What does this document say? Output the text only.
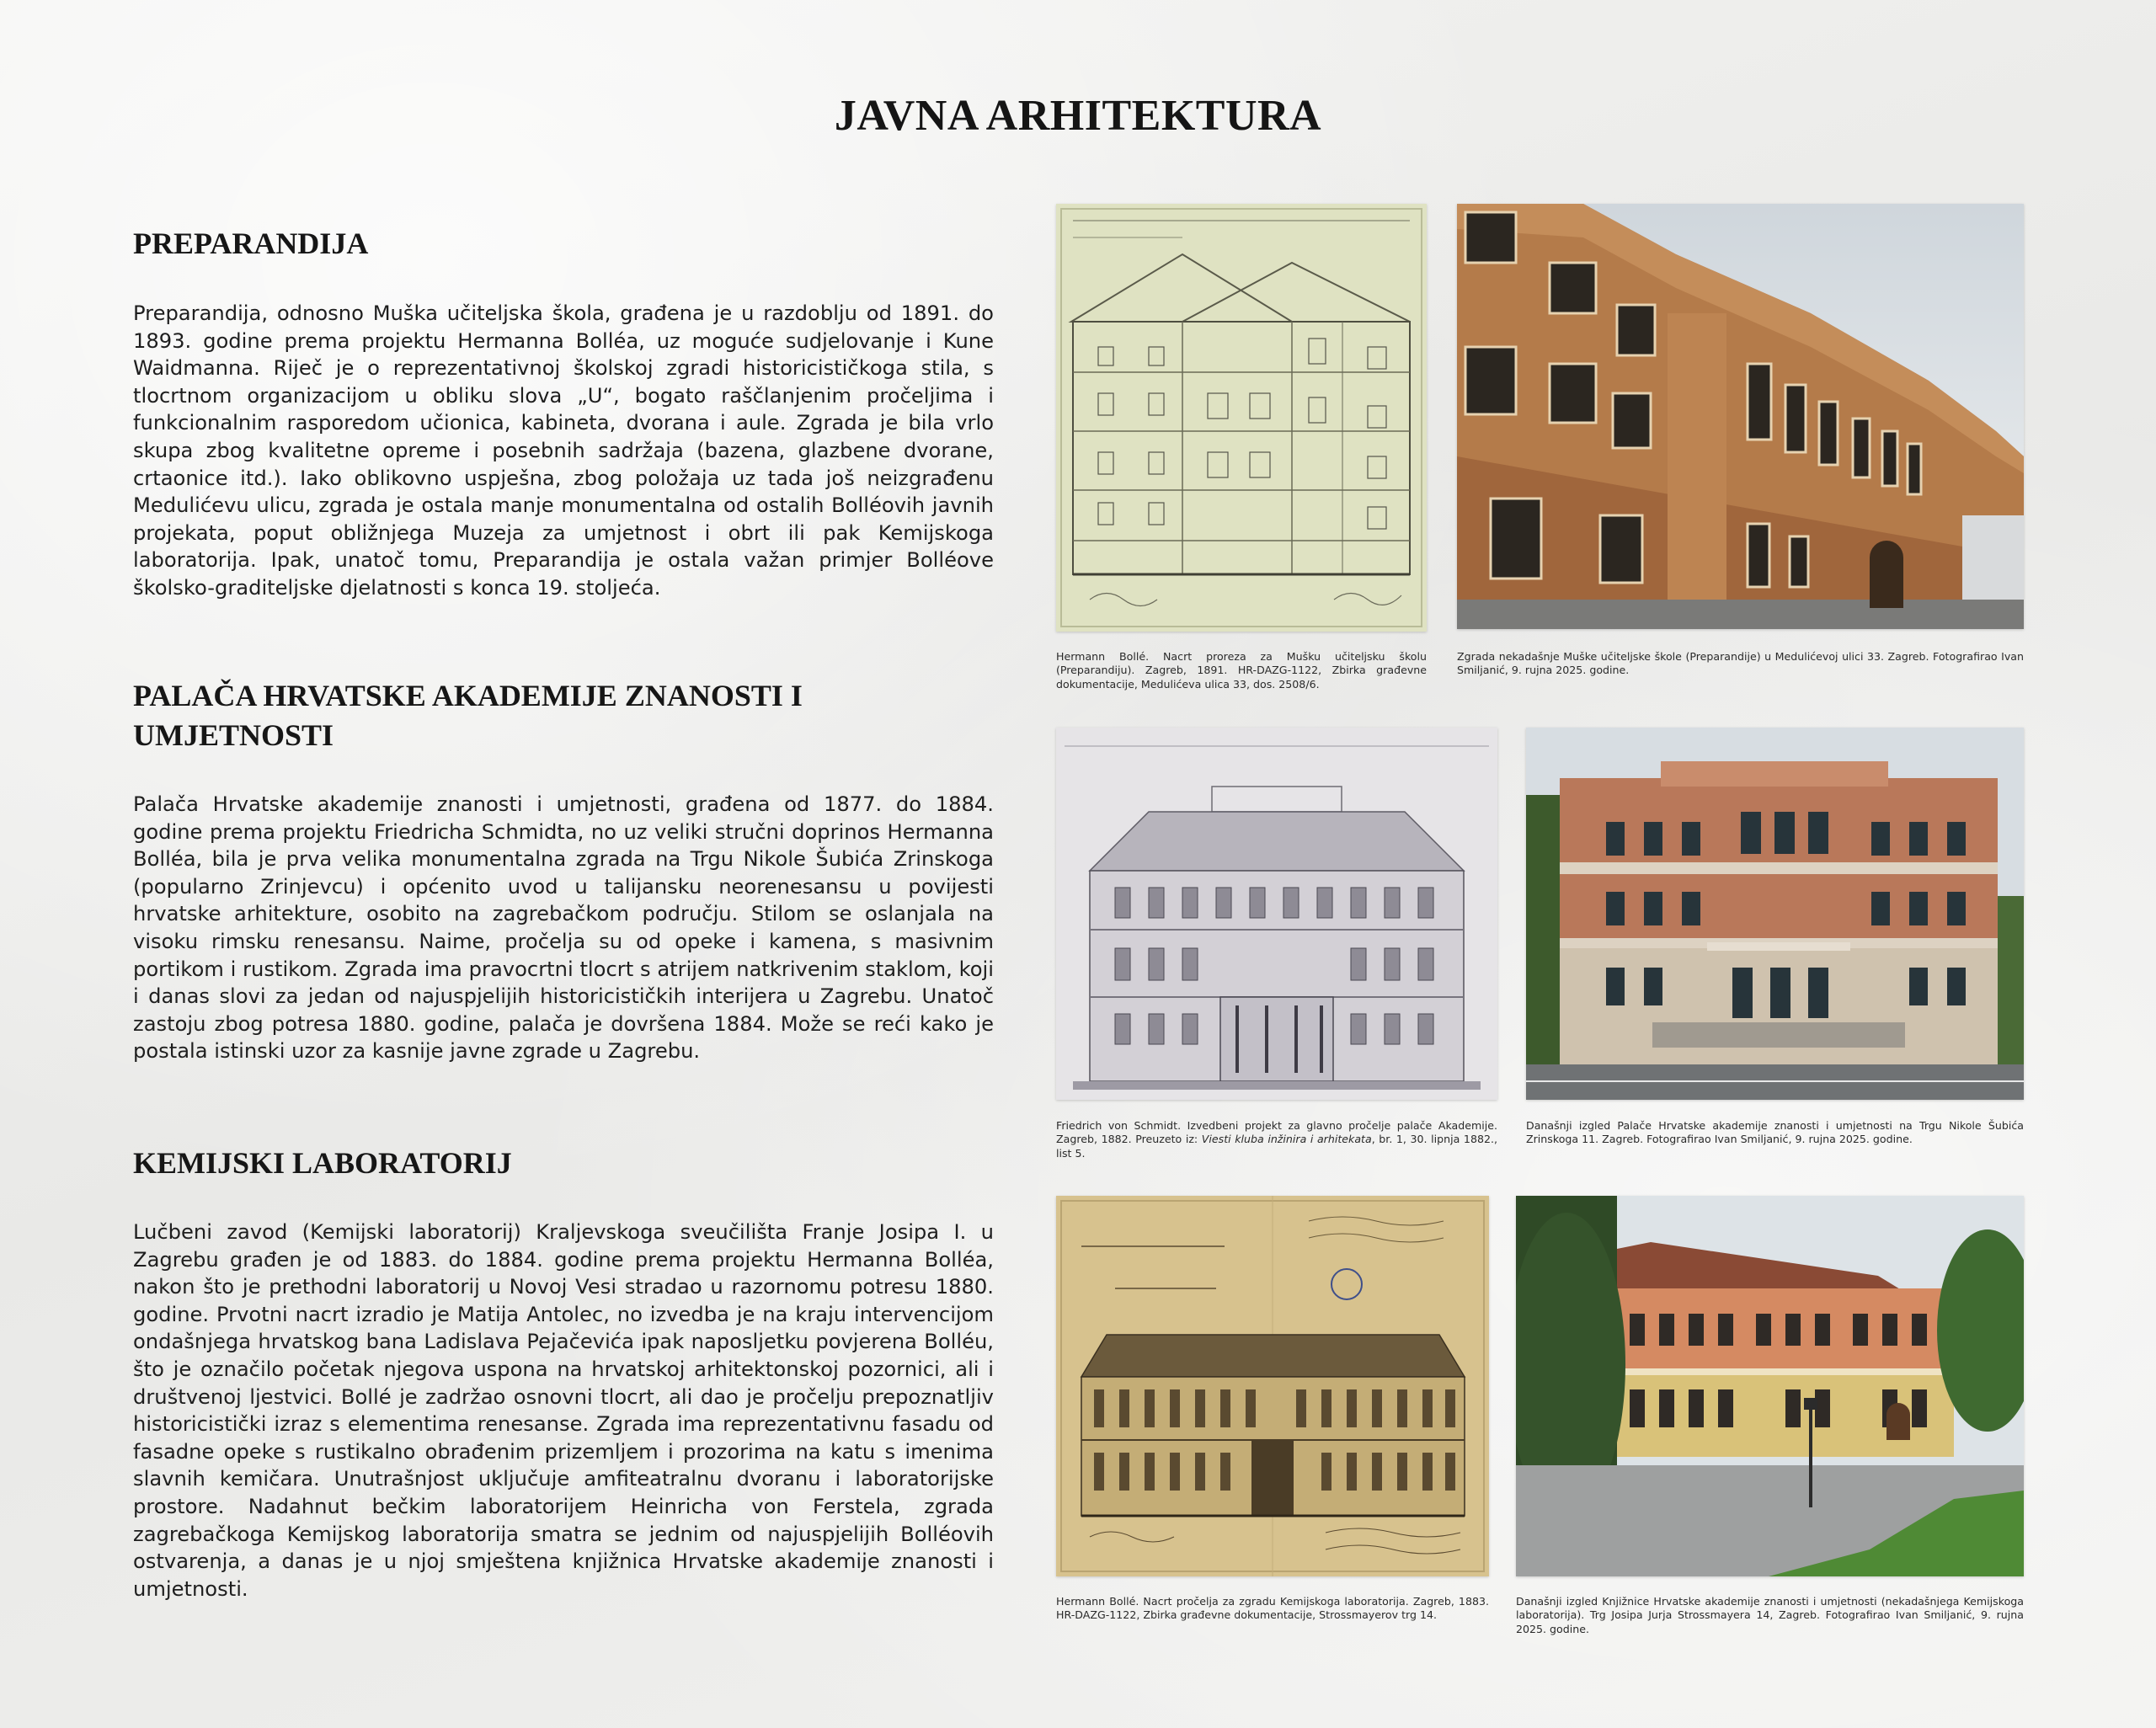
JAVNA ARHITEKTURA
PREPARANDIJA

Preparandija, odnosno Muška učiteljska škola, građena je u razdoblju od 1891. do 1893. godine prema projektu Hermanna Bolléa, uz moguće sudjelovanje i Kune Waidmanna. Riječ je o reprezentativnoj školskoj zgradi historicističkoga stila, s tlocrtnom organizacijom u obliku slova „U“, bogato raščlanjenim pročeljima i funkcionalnim rasporedom učionica, kabineta, dvorana i aule. Zgrada je bila vrlo skupa zbog kvalitetne opreme i posebnih sadržaja (bazena, glazbene dvorane, crtaonice itd.). Iako oblikovno uspješna, zbog položaja uz tada još neizgrađenu Medulićevu ulicu, zgrada je ostala manje monumentalna od ostalih Bolléovih javnih projekata, poput obližnjega Muzeja za umjetnost i obrt ili pak Kemijskoga laboratorija. Ipak, unatoč tomu, Preparandija je ostala važan primjer Bolléove školsko-graditeljske djelatnosti s konca 19. stoljeća.

Hermann Bollé. Nacrt proreza za Mušku učiteljsku školu (Preparandiju). Zagreb, 1891. HR-DAZG-1122, Zbirka građevne dokumentacije, Medulićeva ulica 33, dos. 2508/6.

Zgrada nekadašnje Muške učiteljske škole (Preparandije) u Medulićevoj ulici 33. Zagreb. Fotografirao Ivan Smiljanić, 9. rujna 2025. godine.

PALAČA HRVATSKE AKADEMIJE ZNANOSTI I UMJETNOSTI

Palača Hrvatske akademije znanosti i umjetnosti, građena od 1877. do 1884. godine prema projektu Friedricha Schmidta, no uz veliki stručni doprinos Hermanna Bolléa, bila je prva velika monumentalna zgrada na Trgu Nikole Šubića Zrinskoga (popularno Zrinjevcu) i općenito uvod u talijansku neorenesansu u povijesti hrvatske arhitekture, osobito na zagrebačkom području. Stilom se oslanjala na visoku rimsku renesansu. Naime, pročelja su od opeke i kamena, s masivnim portikom i rustikom. Zgrada ima pravocrtni tlocrt s atrijem natkrivenim staklom, koji i danas slovi za jedan od najuspjelijih historicističkih interijera u Zagrebu. Unatoč zastoju zbog potresa 1880. godine, palača je dovršena 1884. Može se reći kako je postala istinski uzor za kasnije javne zgrade u Zagrebu.

Friedrich von Schmidt. Izvedbeni projekt za glavno pročelje palače Akademije. Zagreb, 1882. Preuzeto iz: Viesti kluba inžinira i arhitekata, br. 1, 30. lipnja 1882., list 5.

Današnji izgled Palače Hrvatske akademije znanosti i umjetnosti na Trgu Nikole Šubića Zrinskoga 11. Zagreb. Fotografirao Ivan Smiljanić, 9. rujna 2025. godine.

KEMIJSKI LABORATORIJ

Lučbeni zavod (Kemijski laboratorij) Kraljevskoga sveučilišta Franje Josipa I. u Zagrebu građen je od 1883. do 1884. godine prema projektu Hermanna Bolléa, nakon što je prethodni laboratorij u Novoj Vesi stradao u razornomu potresu 1880. godine. Prvotni nacrt izradio je Matija Antolec, no izvedba je na kraju intervencijom ondašnjega hrvatskog bana Ladislava Pejačevića ipak naposljetku povjerena Bolléu, što je označilo početak njegova uspona na hrvatskoj arhitektonskoj pozornici, ali i društvenoj ljestvici. Bollé je zadržao osnovni tlocrt, ali dao je pročelju prepoznatljiv historicistički izraz s elementima renesanse. Zgrada ima reprezentativnu fasadu od fasadne opeke s rustikalno obrađenim prizemljem i prozorima na katu s imenima slavnih kemičara. Unutrašnjost uključuje amfiteatralnu dvoranu i laboratorijske prostore. Nadahnut bečkim laboratorijem Heinricha von Ferstela, zgrada zagrebačkoga Kemijskog laboratorija smatra se jednim od najuspjelijih Bolléovih ostvarenja, a danas je u njoj smještena knjižnica Hrvatske akademije znanosti i umjetnosti.

Hermann Bollé. Nacrt pročelja za zgradu Kemijskoga laboratorija. Zagreb, 1883. HR-DAZG-1122, Zbirka građevne dokumentacije, Strossmayerov trg 14.

Današnji izgled Knjižnice Hrvatske akademije znanosti i umjetnosti (nekadašnjega Kemijskoga laboratorija). Trg Josipa Jurja Strossmayera 14, Zagreb. Fotografirao Ivan Smiljanić, 9. rujna 2025. godine.
